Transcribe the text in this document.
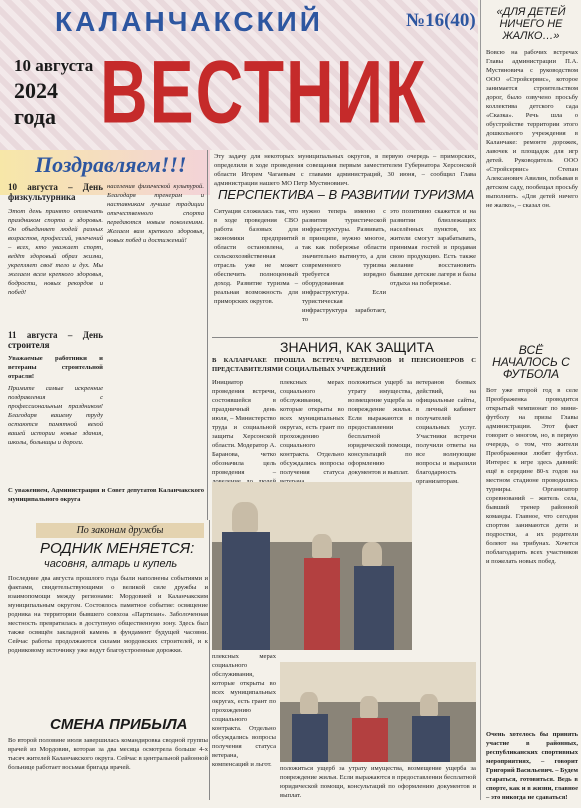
КАЛАНЧАКСКИЙ	№16(40)
10 августа
2024
года ВЕСТНИК
Поздравляем!!!
10 августа – День физкультурника
Этот день принято отмечать праздником спорта и здоровья. Он объединяет людей разных возрастов, профессий, увлечений – всех, кто уважает спорт, ведёт здоровый образ жизни, укрепляет своё тело и дух. Мы желаем всем крепкого здоровья, бодрости, новых рекордов и побед!
11 августа – День строителя
Уважаемые работники и ветераны строительной отрасли!
Примите самые искренние поздравления с профессиональным праздником! Благодаря вашему труду остаются памятной вехой вашей истории новые здания, школы, больницы и дороги.
населения физической культурой. Благодаря тренерам и наставникам лучшие традиции отечественного спорта передаются новым поколениям. Желаем вам крепкого здоровья, новых побед и достижений!
С уважением, Администрация и Совет депутатов Каланчакского муниципального округа
Эту задачу для некоторых муниципальных округов, в первую очередь – приморских, определили в ходе проведения совещания первым заместителем Губернатора Херсонской области Игорем Чагаевым с главами администраций, 30 июня, – сообщил Глава администрации нашего МО Петр Мустяновиич.
ПЕРСПЕКТИВА – В РАЗВИТИИ ТУРИЗМА
Ситуация сложилась так, что в ходе проведения СВО работа базовых для экономики предприятий области остановлена, а сельскохозяйственная отрасль уже не может обеспечить полноценный доход. Развитие туризма – реальная возможность для приморских округов.
нужно теперь именно с развития туристической инфраструктуры. Развивать, в принципе, нужно многое, так как побережье области значительно вытянуто, а для современного туризма требуется изрядно оборудованная инфраструктура. Если туристическая инфраструктура заработает, то
это позитивно скажется и на развитии близлежащих населённых пунктов, их жители смогут зарабатывать, принимая гостей и продавая свою продукцию. Есть также желание восстановить бывшие детские лагеря и базы отдыха на побережье.
ЗНАНИЯ, КАК ЗАЩИТА
В КАЛАНЧАКЕ ПРОШЛА ВСТРЕЧА ВЕТЕРАНОВ И ПЕНСИОНЕРОВ С ПРЕДСТАВИТЕЛЯМИ СОЦИАЛЬНЫХ УЧРЕЖДЕНИЙ
Инициатор проведения встречи, состоявшейся в праздничный день июля, – Министерство труда и социальной защиты Херсонской области. Модератор А. Баранова, четко обозначила цель проведения –
плексных мерах социального обслуживания, которые открыты во всех муниципальных округах, есть грант по прохождению социального контракта. Отдельно обсуждались вопросы получения статуса
положиться ущерб за утрату имущества, возмещение ущерба за повреждение жилья. Если выражаются в предоставлении бесплатной юридической помощи, консультаций по оформлению документов и выплат.
ветеранов боевых действий, на официальные сайты, в личный кабинет получателей социальных услуг. Участники встречи получили ответы на все волнующие вопросы и выразили благодарность организаторам.
плексных мерах социального обслуживания, которые открыты во всех муниципальных округах, есть грант по прохождению социального контракта. Отдельно обсуждались вопросы получения статуса ветерана, компенсаций и льгот.
положиться ущерб за утрату имущества, возмещение ущерба за повреждение жилья. Если выражаются в предоставлении бесплатной юридической помощи, консультаций по оформлению документов и выплат.
По законам дружбы
РОДНИК МЕНЯЕТСЯ:
часовня, алтарь и купель
Последние два августа прошлого года были наполнены событиями и фактами, свидетельствующими о великой силе дружбы и взаимопомощи между регионами: Мордовией и Каланчакским муниципальным округом. Состоялось памятное событие: освящение родника на территории бывшего совхоза «Партизан». Заболоченная местность превратилась в доступную общественную зону. Здесь был также освящён закладной камень в фундамент будущей часовни. Сейчас работы продолжаются силами мордовских строителей, и к родниковому источнику уже ведут благоустроенные дорожки.
СМЕНА ПРИБЫЛА
Во второй половине июля завершилась командировка сводной группы врачей из Мордовии, которая за два месяца осмотрела больше 4-х тысяч жителей Каланчакского округа. Сейчас в центральной районной больнице работает восьмая бригада врачей.
«ДЛЯ ДЕТЕЙ НИЧЕГО НЕ ЖАЛКО…»
Вовсю на рабочих встречах Главы администрации П.А. Мустяновича с руководством ООО «Стройсервис», которое занимается строительством дорог, было озвучено просьбу коллектива детского сада «Сказка». Речь шла о обустройстве территории этого дошкольного учреждения в Каланчаке: ремонте дорожек, лавочек и площадок для игр детей. Руководитель ООО «Стройсервис» Степан Алексанович Авилин, побывав в детском саду, пообещал просьбу выполнить. «Для детей ничего не жалко», – сказал он.
ВСЁ НАЧАЛОСЬ С ФУТБОЛА
Вот уже второй год в селе Преображенка проводится открытый чемпионат по мини-футболу на призы Главы администрации. Этот факт говорит о многом, но, в первую очередь, о том, что жители Преображенки любят футбол. Интерес к игре здесь давний: ещё в середине 80-х годов на местном стадионе проводились турниры. Организатор соревнований – житель села, бывший тренер районной команды. Главное, что сегодня спортом занимаются дети и подростки, а их родители болеют на трибунах. Хочется поблагодарить всех участников и пожелать новых побед.
Очень хотелось бы принять участие в районных, республиканских спортивных мероприятиях, – говорит Григорий Васильевич. – Будем стараться, готовиться. Ведь в спорте, как и в жизни, главное – это никогда не сдаваться!
